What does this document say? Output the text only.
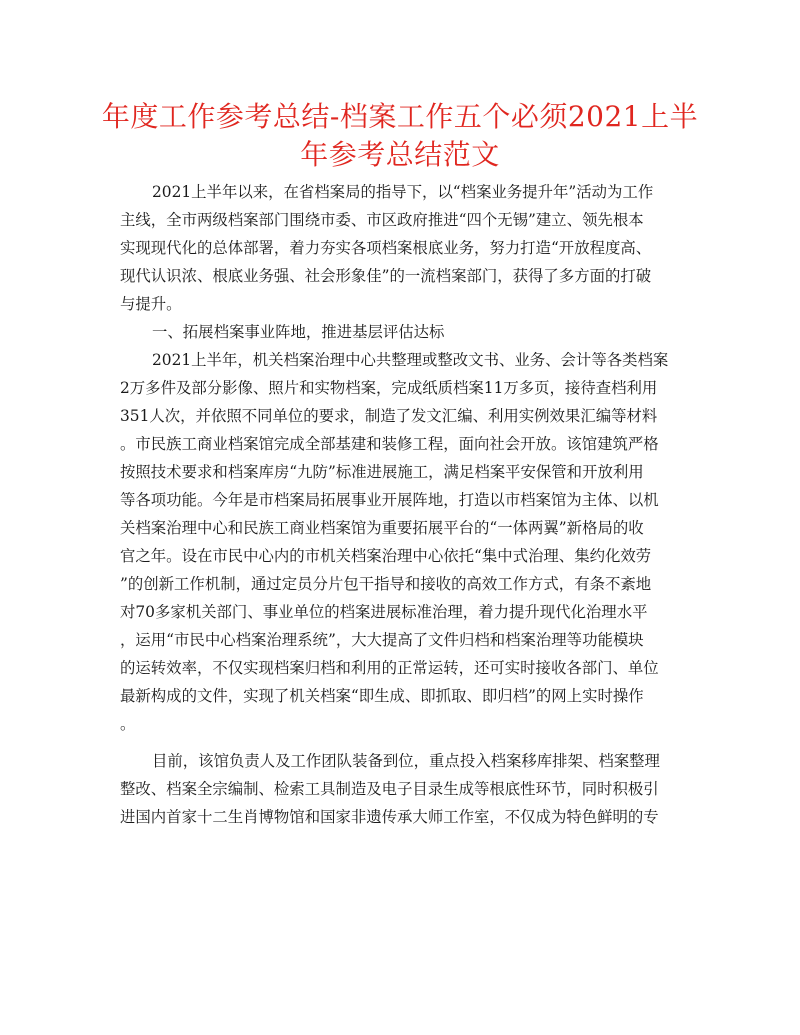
年度工作参考总结-档案工作五个必须2021上半
年参考总结范文
2021上半年以来，在省档案局的指导下，以“档案业务提升年”活动为工作
主线，全市两级档案部门围绕市委、市区政府推进“四个无锡”建立、领先根本
实现现代化的总体部署，着力夯实各项档案根底业务，努力打造“开放程度高、
现代认识浓、根底业务强、社会形象佳”的一流档案部门，获得了多方面的打破
与提升。
一、拓展档案事业阵地，推进基层评估达标
2021上半年，机关档案治理中心共整理或整改文书、业务、会计等各类档案
2万多件及部分影像、照片和实物档案，完成纸质档案11万多页，接待查档利用
351人次，并依照不同单位的要求，制造了发文汇编、利用实例效果汇编等材料
。市民族工商业档案馆完成全部基建和装修工程，面向社会开放。该馆建筑严格
按照技术要求和档案库房“九防”标准进展施工，满足档案平安保管和开放利用
等各项功能。今年是市档案局拓展事业开展阵地，打造以市档案馆为主体、以机
关档案治理中心和民族工商业档案馆为重要拓展平台的“一体两翼”新格局的收
官之年。设在市民中心内的市机关档案治理中心依托“集中式治理、集约化效劳
”的创新工作机制，通过定员分片包干指导和接收的高效工作方式，有条不紊地
对70多家机关部门、事业单位的档案进展标准治理，着力提升现代化治理水平
，运用“市民中心档案治理系统”，大大提高了文件归档和档案治理等功能模块
的运转效率，不仅实现档案归档和利用的正常运转，还可实时接收各部门、单位
最新构成的文件，实现了机关档案“即生成、即抓取、即归档”的网上实时操作
。
目前，该馆负责人及工作团队装备到位，重点投入档案移库排架、档案整理
整改、档案全宗编制、检索工具制造及电子目录生成等根底性环节，同时积极引
进国内首家十二生肖博物馆和国家非遗传承大师工作室，不仅成为特色鲜明的专
